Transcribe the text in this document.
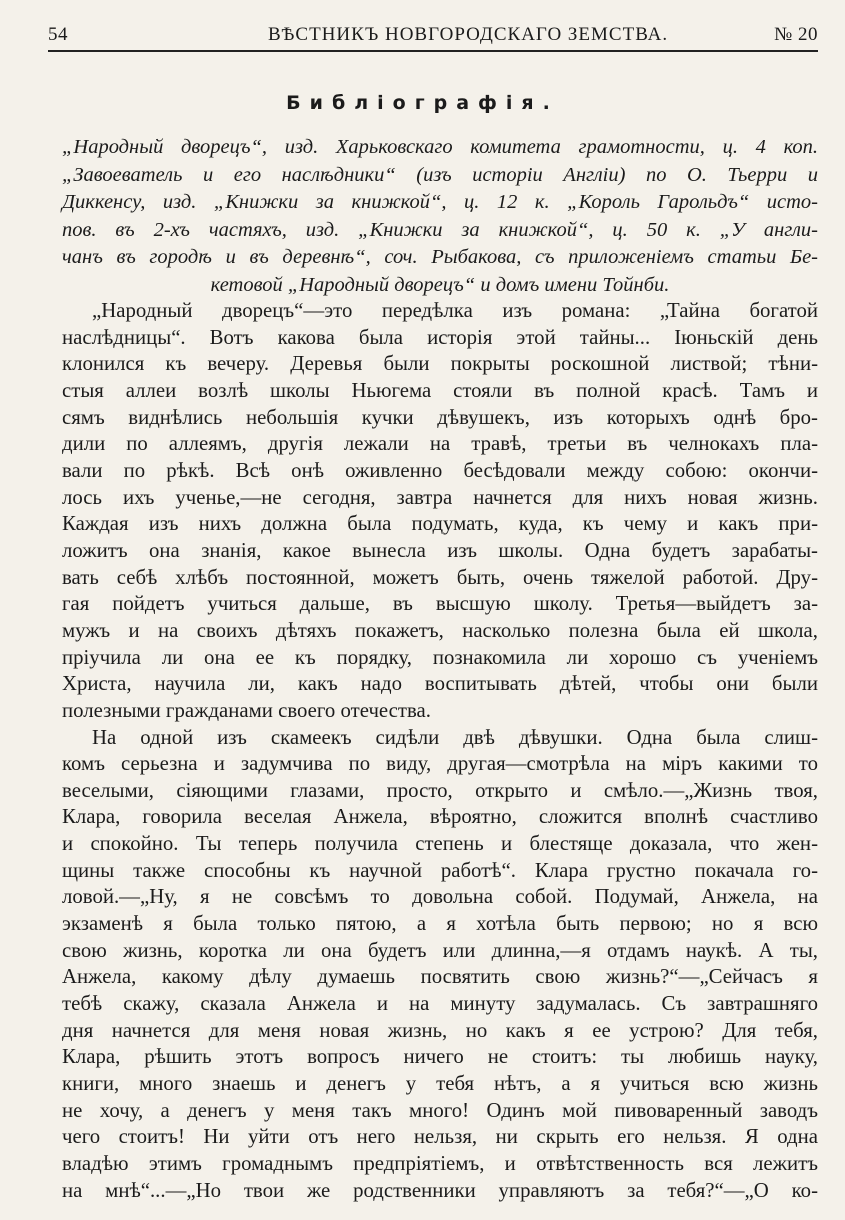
54	ВѢСТНИКЪ НОВГОРОДСКАГО ЗЕМСТВА.	№ 20
Библіографія.
„Народный дворецъ“, изд. Харьковскаго комитета грамотности, ц. 4 коп.
„Завоеватель и его наслѣдники“ (изъ исторіи Англіи) по О. Тьерри и
Диккенсу, изд. „Книжки за книжкой“, ц. 12 к. „Король Гарольдъ“ исто-
пов. въ 2-хъ частяхъ, изд. „Книжки за книжкой“, ц. 50 к. „У англи-
чанъ въ городѣ и въ деревнѣ“, соч. Рыбакова, съ приложеніемъ статьи Бе-
кетовой „Народный дворецъ“ и домъ имени Тойнби.
„Народный дворецъ“—это передѣлка изъ романа: „Тайна богатой
наслѣдницы“. Вотъ какова была исторія этой тайны... Іюньскій день
клонился къ вечеру. Деревья были покрыты роскошной листвой; тѣни-
стыя аллеи возлѣ школы Ньюгема стояли въ полной красѣ. Тамъ и
сямъ виднѣлись небольшія кучки дѣвушекъ, изъ которыхъ однѣ бро-
дили по аллеямъ, другія лежали на травѣ, третьи въ челнокахъ пла-
вали по рѣкѣ. Всѣ онѣ оживленно бесѣдовали между собою: окончи-
лось ихъ ученье,—не сегодня, завтра начнется для нихъ новая жизнь.
Каждая изъ нихъ должна была подумать, куда, къ чему и какъ при-
ложитъ она знанія, какое вынесла изъ школы. Одна будетъ зарабаты-
вать себѣ хлѣбъ постоянной, можетъ быть, очень тяжелой работой. Дру-
гая пойдетъ учиться дальше, въ высшую школу. Третья—выйдетъ за-
мужъ и на своихъ дѣтяхъ покажетъ, насколько полезна была ей школа,
пріучила ли она ее къ порядку, познакомила ли хорошо съ ученіемъ
Христа, научила ли, какъ надо воспитывать дѣтей, чтобы они были
полезными гражданами своего отечества.
На одной изъ скамеекъ сидѣли двѣ дѣвушки. Одна была слиш-
комъ серьезна и задумчива по виду, другая—смотрѣла на міръ какими то
веселыми, сіяющими глазами, просто, открыто и смѣло.—„Жизнь твоя,
Клара, говорила веселая Анжела, вѣроятно, сложится вполнѣ счастливо
и спокойно. Ты теперь получила степень и блестяще доказала, что жен-
щины также способны къ научной работѣ“. Клара грустно покачала го-
ловой.—„Ну, я не совсѣмъ то довольна собой. Подумай, Анжела, на
экзаменѣ я была только пятою, а я хотѣла быть первою; но я всю
свою жизнь, коротка ли она будетъ или длинна,—я отдамъ наукѣ. А ты,
Анжела, какому дѣлу думаешь посвятить свою жизнь?“—„Сейчасъ я
тебѣ скажу, сказала Анжела и на минуту задумалась. Съ завтрашняго
дня начнется для меня новая жизнь, но какъ я ее устрою? Для тебя,
Клара, рѣшить этотъ вопросъ ничего не стоитъ: ты любишь науку,
книги, много знаешь и денегъ у тебя нѣтъ, а я учиться всю жизнь
не хочу, а денегъ у меня такъ много! Одинъ мой пивоваренный заводъ
чего стоитъ! Ни уйти отъ него нельзя, ни скрыть его нельзя. Я одна
владѣю этимъ громаднымъ предпріятіемъ, и отвѣтственность вся лежитъ
на мнѣ“...—„Но твои же родственники управляютъ за тебя?“—„О ко-
